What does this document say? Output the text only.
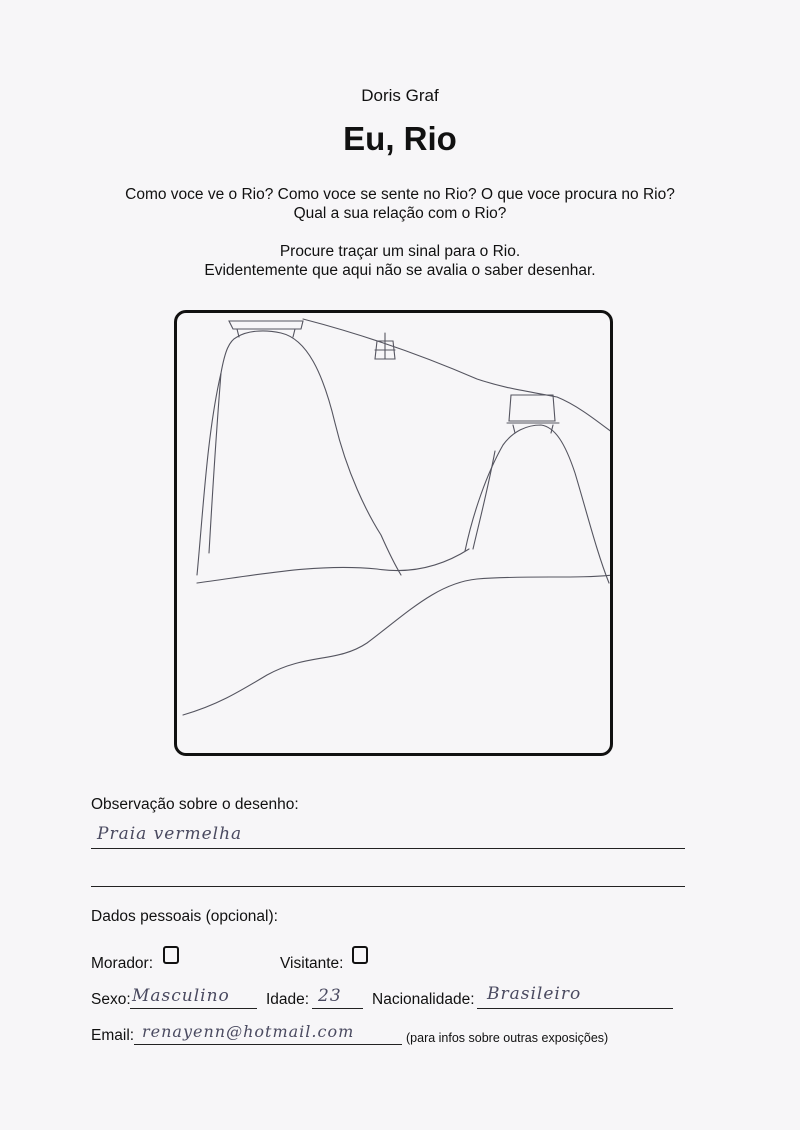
Doris Graf
Eu, Rio
Como voce ve o Rio? Como voce se sente no Rio? O que voce procura no Rio?
Qual a sua relação com o Rio?
Procure traçar um sinal para o Rio.
Evidentemente que aqui não se avalia o saber desenhar.
Observação sobre o desenho:
Praia vermelha
Dados pessoais (opcional):
Morador:	Visitante:
Sexo: Masculino Idade: 23 Nacionalidade: Brasileiro
Email: renayenn@hotmail.com	(para infos sobre outras exposições)
